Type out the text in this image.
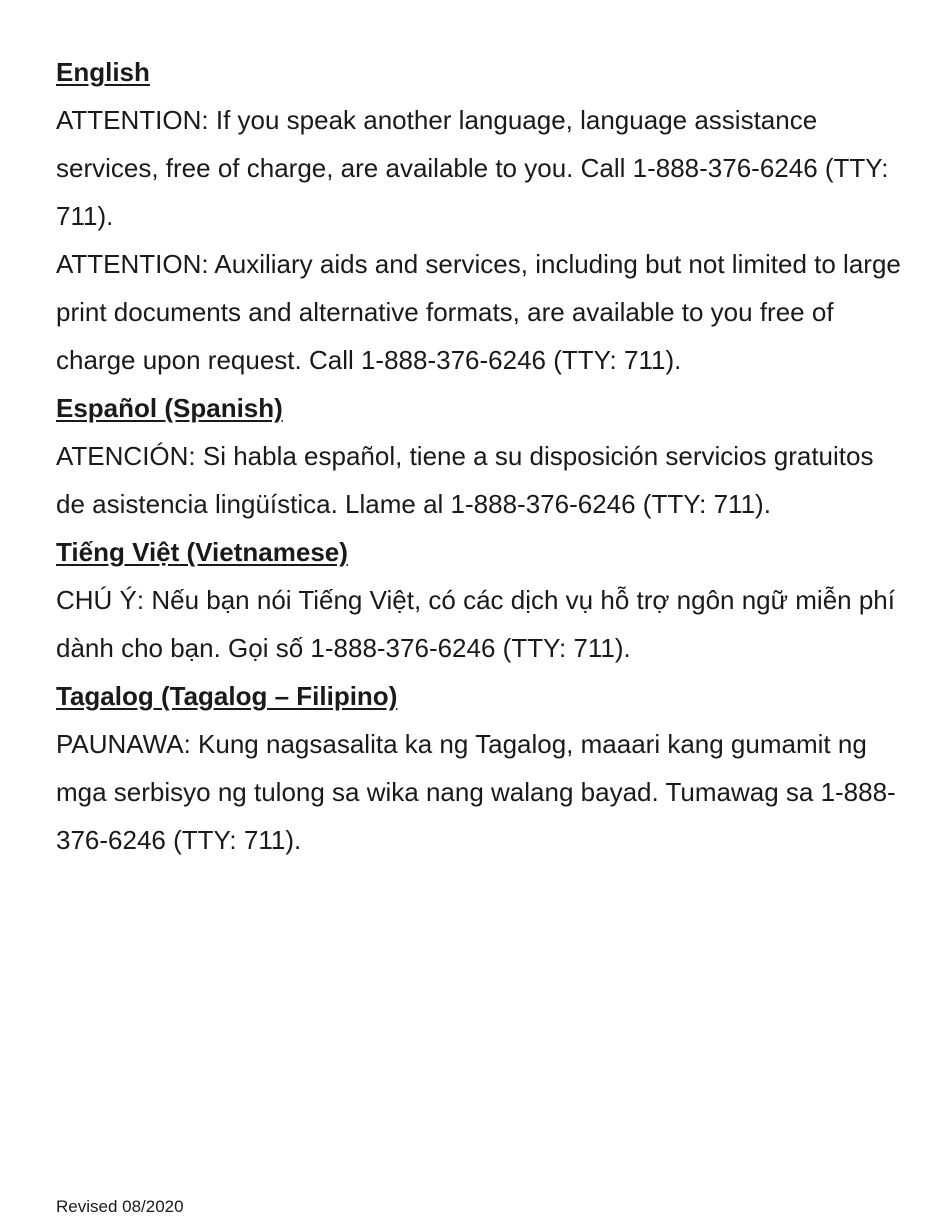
English

ATTENTION: If you speak another language, language assistance services, free of charge, are available to you. Call 1-888-376-6246 (TTY: 711).

ATTENTION: Auxiliary aids and services, including but not limited to large print documents and alternative formats, are available to you free of charge upon request. Call 1-888-376-6246 (TTY: 711).

Español (Spanish)

ATENCIÓN: Si habla español, tiene a su disposición servicios gratuitos de asistencia lingüística. Llame al 1-888-376-6246 (TTY: 711).

Tiếng Việt (Vietnamese)

CHÚ Ý: Nếu bạn nói Tiếng Việt, có các dịch vụ hỗ trợ ngôn ngữ miễn phí dành cho bạn. Gọi số 1-888-376-6246 (TTY: 711).

Tagalog (Tagalog – Filipino)

PAUNAWA: Kung nagsasalita ka ng Tagalog, maaari kang gumamit ng mga serbisyo ng tulong sa wika nang walang bayad. Tumawag sa 1-888-376-6246 (TTY: 711).

Revised 08/2020
